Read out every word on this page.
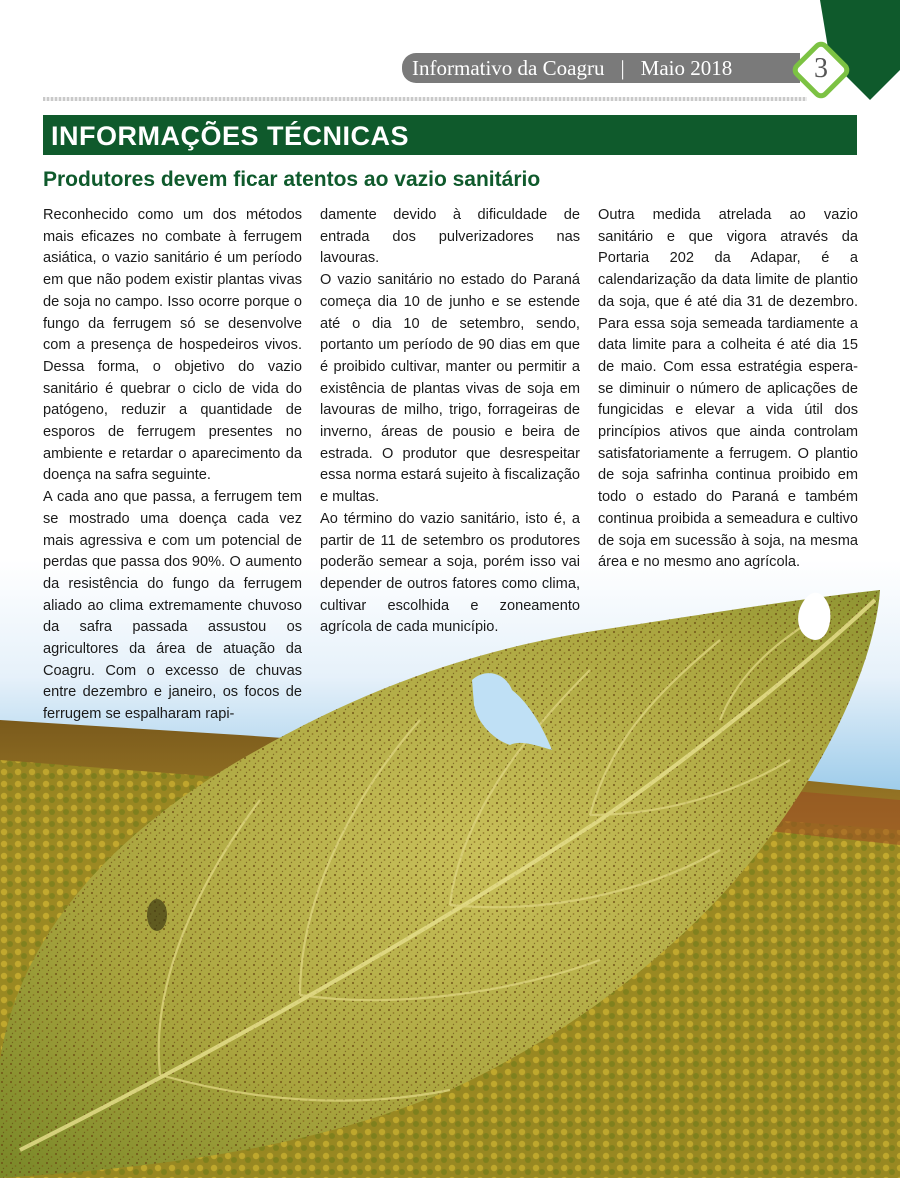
Informativo da Coagru | Maio 2018	3
INFORMAÇÕES TÉCNICAS
Produtores devem ficar atentos ao vazio sanitário

Reconhecido como um dos métodos mais eficazes no combate à ferrugem asiática, o vazio sanitário é um período em que não podem existir plantas vivas de soja no campo. Isso ocorre porque o fungo da ferrugem só se desenvolve com a presença de hospedeiros vivos. Dessa forma, o objetivo do vazio sanitário é quebrar o ciclo de vida do patógeno, reduzir a quantidade de esporos de ferrugem presentes no ambiente e retardar o aparecimento da doença na safra seguinte.

A cada ano que passa, a ferrugem tem se mostrado uma doença cada vez mais agressiva e com um potencial de perdas que passa dos 90%. O aumento da resistência do fungo da ferrugem aliado ao clima extremamente chuvoso da safra passada assustou os agricultores da área de atuação da Coagru. Com o excesso de chuvas entre dezembro e janeiro, os focos de ferrugem se espalharam rapi-

damente devido à dificuldade de entrada dos pulverizadores nas lavouras.

O vazio sanitário no estado do Paraná começa dia 10 de junho e se estende até o dia 10 de setembro, sendo, portanto um período de 90 dias em que é proibido cultivar, manter ou permitir a existência de plantas vivas de soja em lavouras de milho, trigo, forrageiras de inverno, áreas de pousio e beira de estrada. O produtor que desrespeitar essa norma estará sujeito à fiscalização e multas.

Ao término do vazio sanitário, isto é, a partir de 11 de setembro os produtores poderão semear a soja, porém isso vai depender de outros fatores como clima, cultivar escolhida e zoneamento agrícola de cada município.

Outra medida atrelada ao vazio sanitário e que vigora através da Portaria 202 da Adapar, é a calendarização da data limite de plantio da soja, que é até dia 31 de dezembro. Para essa soja semeada tardiamente a data limite para a colheita é até dia 15 de maio. Com essa estratégia espera-se diminuir o número de aplicações de fungicidas e elevar a vida útil dos princípios ativos que ainda controlam satisfatoriamente a ferrugem. O plantio de soja safrinha continua proibido em todo o estado do Paraná e também continua proibida a semeadura e cultivo de soja em sucessão à soja, na mesma área e no mesmo ano agrícola.
